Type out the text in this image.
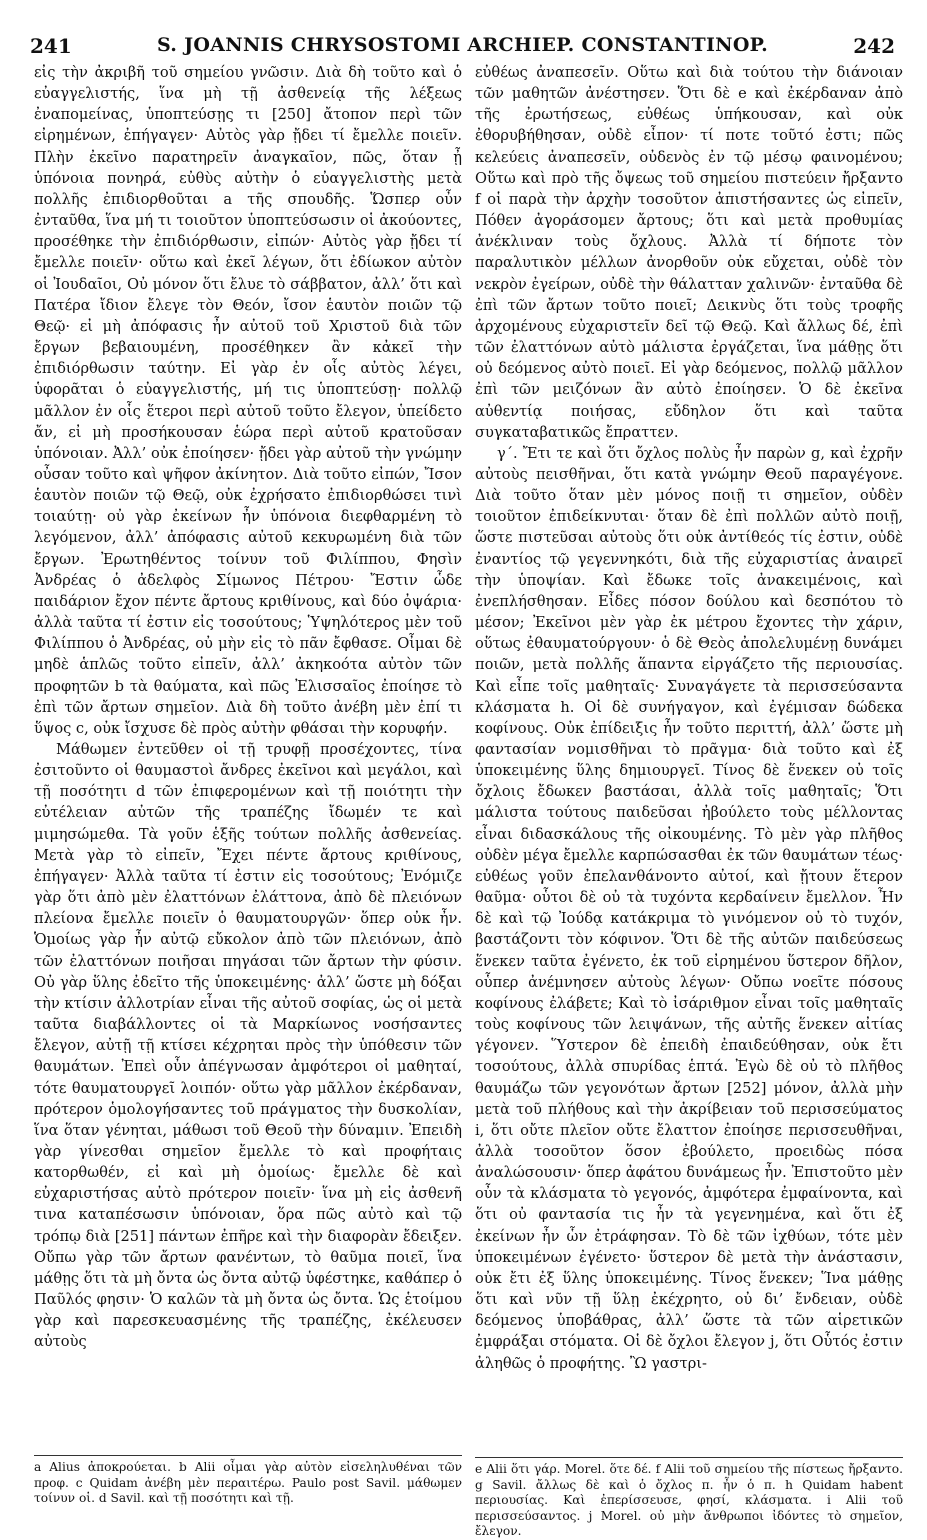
241	S. JOANNIS CHRYSOSTOMI ARCHIEP. CONSTANTINOP.	242

εἰς τὴν ἀκριβῆ τοῦ σημείου γνῶσιν. Διὰ δὴ τοῦτο καὶ ὁ εὐαγγελιστής, ἵνα μὴ τῇ ἀσθενείᾳ τῆς λέξεως ἐναπομείνας, ὑποπτεύσῃς τι [250] ἄτοπον περὶ τῶν εἰρημένων, ἐπήγαγεν· Αὐτὸς γὰρ ᾔδει τί ἔμελλε ποιεῖν. Πλὴν ἐκεῖνο παρατηρεῖν ἀναγκαῖον, πῶς, ὅταν ᾖ ὑπόνοια πονηρά, εὐθὺς αὐτὴν ὁ εὐαγγελιστὴς μετὰ πολλῆς ἐπιδιορθοῦται a τῆς σπουδῆς. Ὥσπερ οὖν ἐνταῦθα, ἵνα μή τι τοιοῦτον ὑποπτεύσωσιν οἱ ἀκούοντες, προσέθηκε τὴν ἐπιδιόρθωσιν, εἰπών· Αὐτὸς γὰρ ᾔδει τί ἔμελλε ποιεῖν· οὕτω καὶ ἐκεῖ λέγων, ὅτι ἐδίωκον αὐτὸν οἱ Ἰουδαῖοι, Οὐ μόνον ὅτι ἔλυε τὸ σάββατον, ἀλλ’ ὅτι καὶ Πατέρα ἴδιον ἔλεγε τὸν Θεόν, ἴσον ἑαυτὸν ποιῶν τῷ Θεῷ· εἰ μὴ ἀπόφασις ἦν αὐτοῦ τοῦ Χριστοῦ διὰ τῶν ἔργων βεβαιουμένη, προσέθηκεν ἂν κἀκεῖ τὴν ἐπιδιόρθωσιν ταύτην. Εἰ γὰρ ἐν οἷς αὐτὸς λέγει, ὑφορᾶται ὁ εὐαγγελιστής, μή τις ὑποπτεύσῃ· πολλῷ μᾶλλον ἐν οἷς ἕτεροι περὶ αὐτοῦ τοῦτο ἔλεγον, ὑπείδετο ἄν, εἰ μὴ προσήκουσαν ἑώρα περὶ αὐτοῦ κρατοῦσαν ὑπόνοιαν. Ἀλλ’ οὐκ ἐποίησεν· ᾔδει γὰρ αὐτοῦ τὴν γνώμην οὖσαν τοῦτο καὶ ψῆφον ἀκίνητον. Διὰ τοῦτο εἰπών, Ἴσον ἑαυτὸν ποιῶν τῷ Θεῷ, οὐκ ἐχρήσατο ἐπιδιορθώσει τινὶ τοιαύτῃ· οὐ γὰρ ἐκείνων ἦν ὑπόνοια διεφθαρμένη τὸ λεγόμενον, ἀλλ’ ἀπόφασις αὐτοῦ κεκυρωμένη διὰ τῶν ἔργων. Ἐρωτηθέντος τοίνυν τοῦ Φιλίππου, Φησὶν Ἀνδρέας ὁ ἀδελφὸς Σίμωνος Πέτρου· Ἔστιν ὧδε παιδάριον ἔχον πέντε ἄρτους κριθίνους, καὶ δύο ὀψάρια· ἀλλὰ ταῦτα τί ἐστιν εἰς τοσούτους; Ὑψηλότερος μὲν τοῦ Φιλίππου ὁ Ἀνδρέας, οὐ μὴν εἰς τὸ πᾶν ἔφθασε. Οἶμαι δὲ μηδὲ ἁπλῶς τοῦτο εἰπεῖν, ἀλλ’ ἀκηκοότα αὐτὸν τῶν προφητῶν b τὰ θαύματα, καὶ πῶς Ἐλισσαῖος ἐποίησε τὸ ἐπὶ τῶν ἄρτων σημεῖον. Διὰ δὴ τοῦτο ἀνέβη μὲν ἐπί τι ὕψος c, οὐκ ἴσχυσε δὲ πρὸς αὐτὴν φθάσαι τὴν κορυφήν.

Μάθωμεν ἐντεῦθεν οἱ τῇ τρυφῇ προσέχοντες, τίνα ἐσιτοῦντο οἱ θαυμαστοὶ ἄνδρες ἐκεῖνοι καὶ μεγάλοι, καὶ τῇ ποσότητι d τῶν ἐπιφερομένων καὶ τῇ ποιότητι τὴν εὐτέλειαν αὐτῶν τῆς τραπέζης ἴδωμέν τε καὶ μιμησώμεθα. Τὰ γοῦν ἑξῆς τούτων πολλῆς ἀσθενείας. Μετὰ γὰρ τὸ εἰπεῖν, Ἔχει πέντε ἄρτους κριθίνους, ἐπήγαγεν· Ἀλλὰ ταῦτα τί ἐστιν εἰς τοσούτους; Ἐνόμιζε γὰρ ὅτι ἀπὸ μὲν ἐλαττόνων ἐλάττονα, ἀπὸ δὲ πλειόνων πλείονα ἔμελλε ποιεῖν ὁ θαυματουργῶν· ὅπερ οὐκ ἦν. Ὁμοίως γὰρ ἦν αὐτῷ εὔκολον ἀπὸ τῶν πλειόνων, ἀπὸ τῶν ἐλαττόνων ποιῆσαι πηγάσαι τῶν ἄρτων τὴν φύσιν. Οὐ γὰρ ὕλης ἐδεῖτο τῆς ὑποκειμένης· ἀλλ’ ὥστε μὴ δόξαι τὴν κτίσιν ἀλλοτρίαν εἶναι τῆς αὐτοῦ σοφίας, ὡς οἱ μετὰ ταῦτα διαβάλλοντες οἱ τὰ Μαρκίωνος νοσήσαντες ἔλεγον, αὐτῇ τῇ κτίσει κέχρηται πρὸς τὴν ὑπόθεσιν τῶν θαυμάτων. Ἐπεὶ οὖν ἀπέγνωσαν ἀμφότεροι οἱ μαθηταί, τότε θαυματουργεῖ λοιπόν· οὕτω γὰρ μᾶλλον ἐκέρδαναν, πρότερον ὁμολογήσαντες τοῦ πράγματος τὴν δυσκολίαν, ἵνα ὅταν γένηται, μάθωσι τοῦ Θεοῦ τὴν δύναμιν. Ἐπειδὴ γὰρ γίνεσθαι σημεῖον ἔμελλε τὸ καὶ προφήταις κατορθωθέν, εἰ καὶ μὴ ὁμοίως· ἔμελλε δὲ καὶ εὐχαριστήσας αὐτὸ πρότερον ποιεῖν· ἵνα μὴ εἰς ἀσθενῆ τινα καταπέσωσιν ὑπόνοιαν, ὅρα πῶς αὐτὸ καὶ τῷ τρόπῳ διὰ [251] πάντων ἐπῆρε καὶ τὴν διαφορὰν ἔδειξεν. Οὔπω γὰρ τῶν ἄρτων φανέντων, τὸ θαῦμα ποιεῖ, ἵνα μάθῃς ὅτι τὰ μὴ ὄντα ὡς ὄντα αὐτῷ ὑφέστηκε, καθάπερ ὁ Παῦλός φησιν· Ὁ καλῶν τὰ μὴ ὄντα ὡς ὄντα. Ὡς ἑτοίμου γὰρ καὶ παρεσκευασμένης τῆς τραπέζης, ἐκέλευσεν αὐτοὺς

εὐθέως ἀναπεσεῖν. Οὕτω καὶ διὰ τούτου τὴν διάνοιαν τῶν μαθητῶν ἀνέστησεν. Ὅτι δὲ e καὶ ἐκέρδαναν ἀπὸ τῆς ἐρωτήσεως, εὐθέως ὑπήκουσαν, καὶ οὐκ ἐθορυβήθησαν, οὐδὲ εἶπον· τί ποτε τοῦτό ἐστι; πῶς κελεύεις ἀναπεσεῖν, οὐδενὸς ἐν τῷ μέσῳ φαινομένου; Οὕτω καὶ πρὸ τῆς ὄψεως τοῦ σημείου πιστεύειν ἤρξαντο f οἱ παρὰ τὴν ἀρχὴν τοσοῦτον ἀπιστήσαντες ὡς εἰπεῖν, Πόθεν ἀγοράσομεν ἄρτους; ὅτι καὶ μετὰ προθυμίας ἀνέκλιναν τοὺς ὄχλους. Ἀλλὰ τί δήποτε τὸν παραλυτικὸν μέλλων ἀνορθοῦν οὐκ εὔχεται, οὐδὲ τὸν νεκρὸν ἐγείρων, οὐδὲ τὴν θάλατταν χαλινῶν· ἐνταῦθα δὲ ἐπὶ τῶν ἄρτων τοῦτο ποιεῖ; Δεικνὺς ὅτι τοὺς τροφῆς ἀρχομένους εὐχαριστεῖν δεῖ τῷ Θεῷ. Καὶ ἄλλως δέ, ἐπὶ τῶν ἐλαττόνων αὐτὸ μάλιστα ἐργάζεται, ἵνα μάθῃς ὅτι οὐ δεόμενος αὐτὸ ποιεῖ. Εἰ γὰρ δεόμενος, πολλῷ μᾶλλον ἐπὶ τῶν μειζόνων ἂν αὐτὸ ἐποίησεν. Ὁ δὲ ἐκεῖνα αὐθεντίᾳ ποιήσας, εὔδηλον ὅτι καὶ ταῦτα συγκαταβατικῶς ἔπραττεν.

γ΄. Ἔτι τε καὶ ὅτι ὄχλος πολὺς ἦν παρὼν g, καὶ ἐχρῆν αὐτοὺς πεισθῆναι, ὅτι κατὰ γνώμην Θεοῦ παραγέγονε. Διὰ τοῦτο ὅταν μὲν μόνος ποιῇ τι σημεῖον, οὐδὲν τοιοῦτον ἐπιδείκνυται· ὅταν δὲ ἐπὶ πολλῶν αὐτὸ ποιῇ, ὥστε πιστεῦσαι αὐτοὺς ὅτι οὐκ ἀντίθεός τίς ἐστιν, οὐδὲ ἐναντίος τῷ γεγεννηκότι, διὰ τῆς εὐχαριστίας ἀναιρεῖ τὴν ὑποψίαν. Καὶ ἔδωκε τοῖς ἀνακειμένοις, καὶ ἐνεπλήσθησαν. Εἶδες πόσον δούλου καὶ δεσπότου τὸ μέσον; Ἐκεῖνοι μὲν γὰρ ἐκ μέτρου ἔχοντες τὴν χάριν, οὕτως ἐθαυματούργουν· ὁ δὲ Θεὸς ἀπολελυμένῃ δυνάμει ποιῶν, μετὰ πολλῆς ἅπαντα εἰργάζετο τῆς περιουσίας. Καὶ εἶπε τοῖς μαθηταῖς· Συναγάγετε τὰ περισσεύσαντα κλάσματα h. Οἱ δὲ συνήγαγον, καὶ ἐγέμισαν δώδεκα κοφίνους. Οὐκ ἐπίδειξις ἦν τοῦτο περιττή, ἀλλ’ ὥστε μὴ φαντασίαν νομισθῆναι τὸ πρᾶγμα· διὰ τοῦτο καὶ ἐξ ὑποκειμένης ὕλης δημιουργεῖ. Τίνος δὲ ἕνεκεν οὐ τοῖς ὄχλοις ἔδωκεν βαστάσαι, ἀλλὰ τοῖς μαθηταῖς; Ὅτι μάλιστα τούτους παιδεῦσαι ἠβούλετο τοὺς μέλλοντας εἶναι διδασκάλους τῆς οἰκουμένης. Τὸ μὲν γὰρ πλῆθος οὐδὲν μέγα ἔμελλε καρπώσασθαι ἐκ τῶν θαυμάτων τέως· εὐθέως γοῦν ἐπελανθάνοντο αὐτοί, καὶ ᾔτουν ἕτερον θαῦμα· οὗτοι δὲ οὐ τὰ τυχόντα κερδαίνειν ἔμελλον. Ἦν δὲ καὶ τῷ Ἰούδᾳ κατάκριμα τὸ γινόμενον οὐ τὸ τυχόν, βαστάζοντι τὸν κόφινον. Ὅτι δὲ τῆς αὐτῶν παιδεύσεως ἕνεκεν ταῦτα ἐγένετο, ἐκ τοῦ εἰρημένου ὕστερον δῆλον, οὗπερ ἀνέμνησεν αὐτοὺς λέγων· Οὔπω νοεῖτε πόσους κοφίνους ἐλάβετε; Καὶ τὸ ἰσάριθμον εἶναι τοῖς μαθηταῖς τοὺς κοφίνους τῶν λειψάνων, τῆς αὐτῆς ἕνεκεν αἰτίας γέγονεν. Ὕστερον δὲ ἐπειδὴ ἐπαιδεύθησαν, οὐκ ἔτι τοσούτους, ἀλλὰ σπυρίδας ἑπτά. Ἐγὼ δὲ οὐ τὸ πλῆθος θαυμάζω τῶν γεγονότων ἄρτων [252] μόνον, ἀλλὰ μὴν μετὰ τοῦ πλήθους καὶ τὴν ἀκρίβειαν τοῦ περισσεύματος i, ὅτι οὔτε πλεῖον οὔτε ἔλαττον ἐποίησε περισσευθῆναι, ἀλλὰ τοσοῦτον ὅσον ἐβούλετο, προειδὼς πόσα ἀναλώσουσιν· ὅπερ ἀφάτου δυνάμεως ἦν. Ἐπιστοῦτο μὲν οὖν τὰ κλάσματα τὸ γεγονός, ἀμφότερα ἐμφαίνοντα, καὶ ὅτι οὐ φαντασία τις ἦν τὰ γεγενημένα, καὶ ὅτι ἐξ ἐκείνων ἦν ὧν ἐτράφησαν. Τὸ δὲ τῶν ἰχθύων, τότε μὲν ὑποκειμένων ἐγένετο· ὕστερον δὲ μετὰ τὴν ἀνάστασιν, οὐκ ἔτι ἐξ ὕλης ὑποκειμένης. Τίνος ἕνεκεν; Ἵνα μάθῃς ὅτι καὶ νῦν τῇ ὕλῃ ἐκέχρητο, οὐ δι’ ἔνδειαν, οὐδὲ δεόμενος ὑποβάθρας, ἀλλ’ ὥστε τὰ τῶν αἱρετικῶν ἐμφράξαι στόματα. Οἱ δὲ ὄχλοι ἔλεγον j, ὅτι Οὗτός ἐστιν ἀληθῶς ὁ προφήτης. Ὢ γαστρι-

a Alius ἀποκρούεται. b Alii οἶμαι γὰρ αὐτὸν εἰσεληλυθέναι τῶν προφ. c Quidam ἀνέβη μὲν περαιτέρω. Paulo post Savil. μάθωμεν τοίνυν οἱ. d Savil. καὶ τῇ ποσότητι καὶ τῇ.
e Alii ὅτι γάρ. Morel. ὅτε δέ. f Alii τοῦ σημείου τῆς πίστεως ἤρξαντο. g Savil. ἄλλως δὲ καὶ ὁ ὄχλος π. ἦν ὁ π. h Quidam habent περιουσίας. Καὶ ἐπερίσσευσε, φησί, κλάσματα. i Alii τοῦ περισσεύσαντος. j Morel. οὐ μὴν ἄνθρωποι ἰδόντες τὸ σημεῖον, ἔλεγον.
